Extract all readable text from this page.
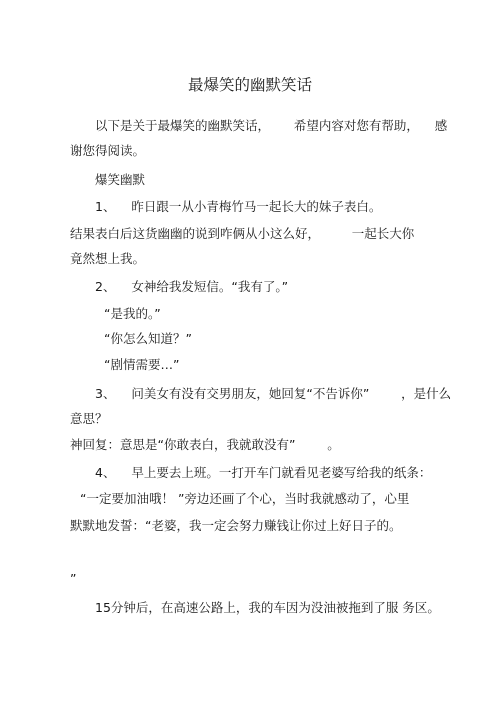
最爆笑的幽默笑话
以下是关于最爆笑的幽默笑话，      希望内容对您有帮助，    感
谢您得阅读。
爆笑幽默
1、    昨日跟一从小青梅竹马一起长大的妹子表白。
结果表白后这货幽幽的说到咋俩从小这么好，        一起长大你
竟然想上我。
2、    女神给我发短信。“我有了。”
“是我的。”
“你怎么知道？”
“剧情需要…”
3、    问美女有没有交男朋友，她回复“不告诉你”        ，是什么
意思？
神回复：意思是“你敢表白，我就敢没有”        。
4、    早上要去上班。一打开车门就看见老婆写给我的纸条：
“一定要加油哦！ ”旁边还画了个心，当时我就感动了，心里
默默地发誓：“老婆，我一定会努力赚钱让你过上好日子的。
”
15分钟后，在高速公路上，我的车因为没油被拖到了服 务区。
